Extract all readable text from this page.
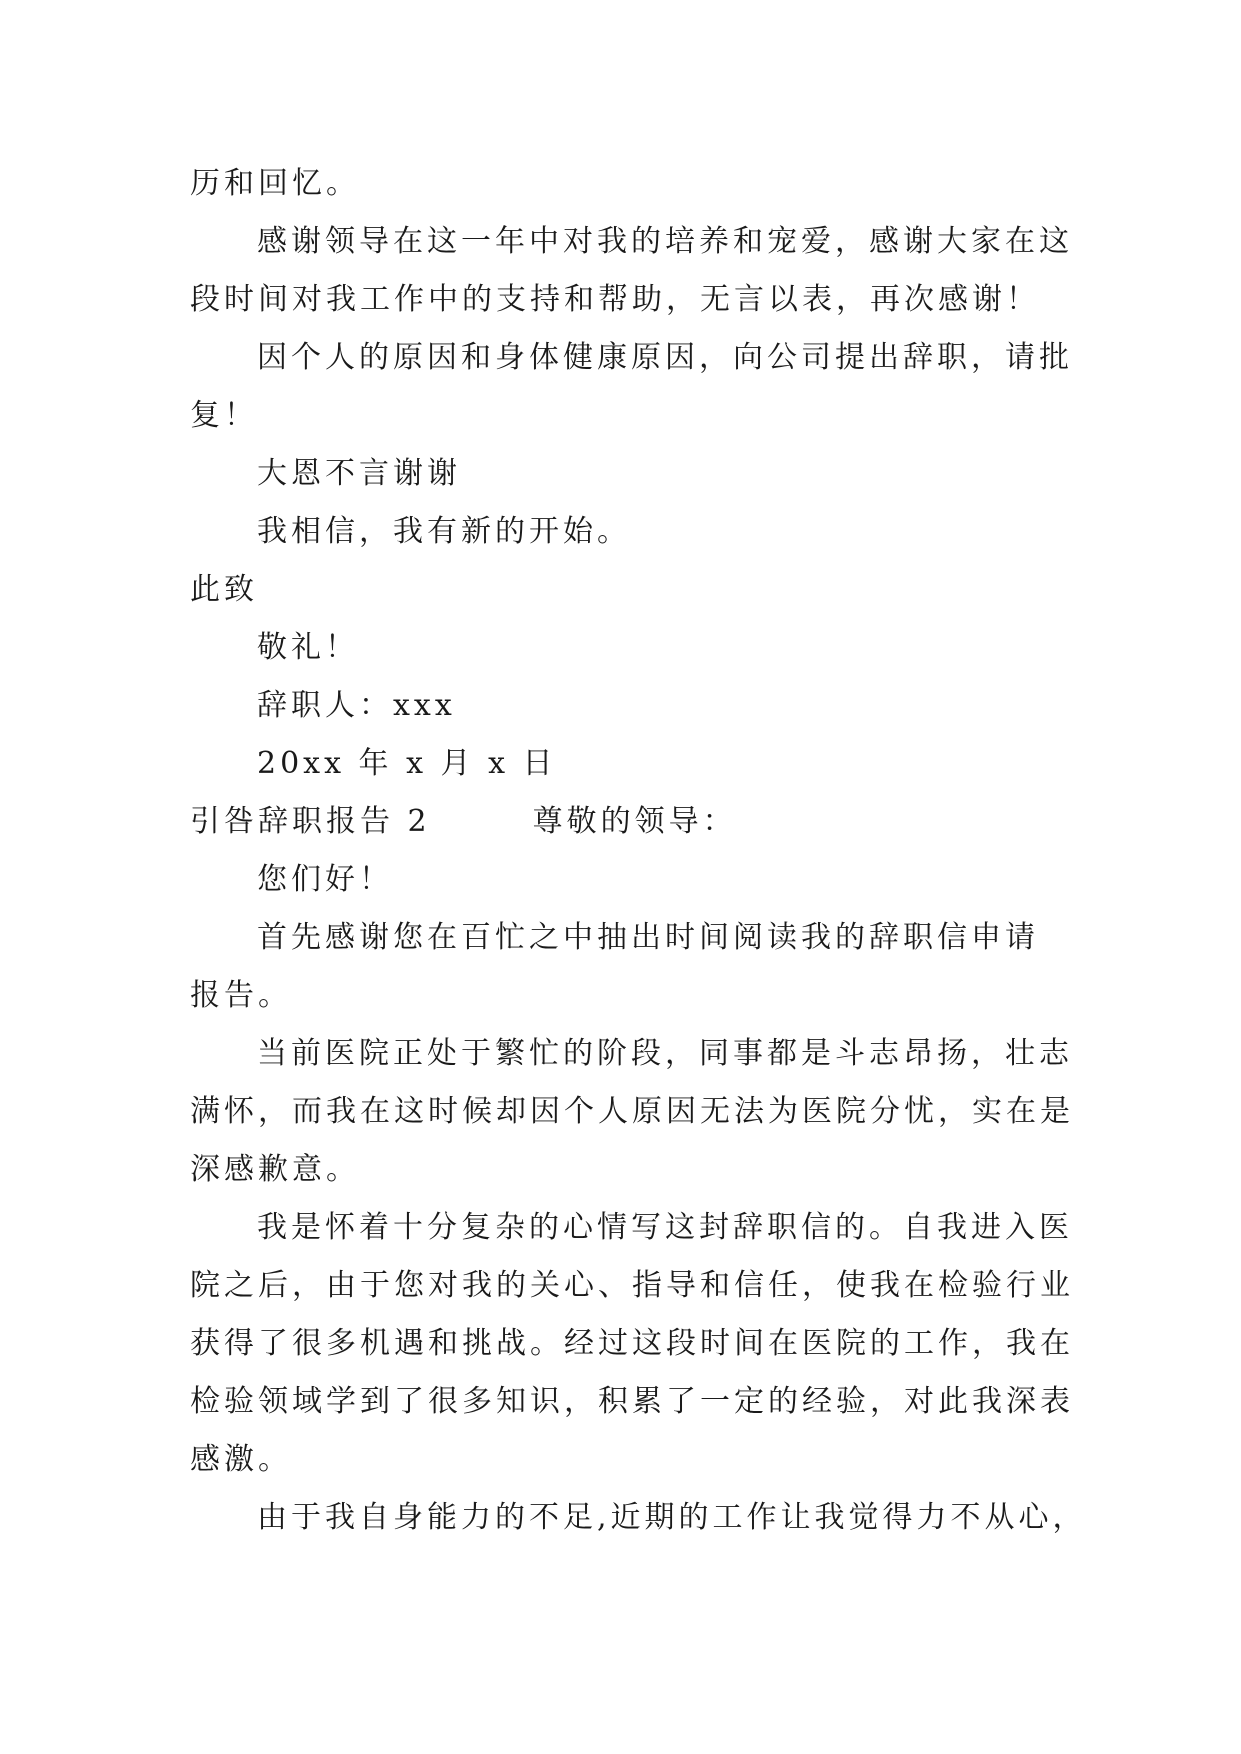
历和回忆。
感谢领导在这一年中对我的培养和宠爱，感谢大家在这
段时间对我工作中的支持和帮助，无言以表，再次感谢！
因个人的原因和身体健康原因，向公司提出辞职，请批
复！
大恩不言谢谢
我相信，我有新的开始。
此致
敬礼！
辞职人：xxx
20xx 年 x 月 x 日
引咎辞职报告 2　　　尊敬的领导：
您们好！
首先感谢您在百忙之中抽出时间阅读我的辞职信申请
报告。
当前医院正处于繁忙的阶段，同事都是斗志昂扬，壮志
满怀，而我在这时候却因个人原因无法为医院分忧，实在是
深感歉意。
我是怀着十分复杂的心情写这封辞职信的。自我进入医
院之后，由于您对我的关心、指导和信任，使我在检验行业
获得了很多机遇和挑战。经过这段时间在医院的工作，我在
检验领域学到了很多知识，积累了一定的经验，对此我深表
感激。
由于我自身能力的不足,近期的工作让我觉得力不从心，
